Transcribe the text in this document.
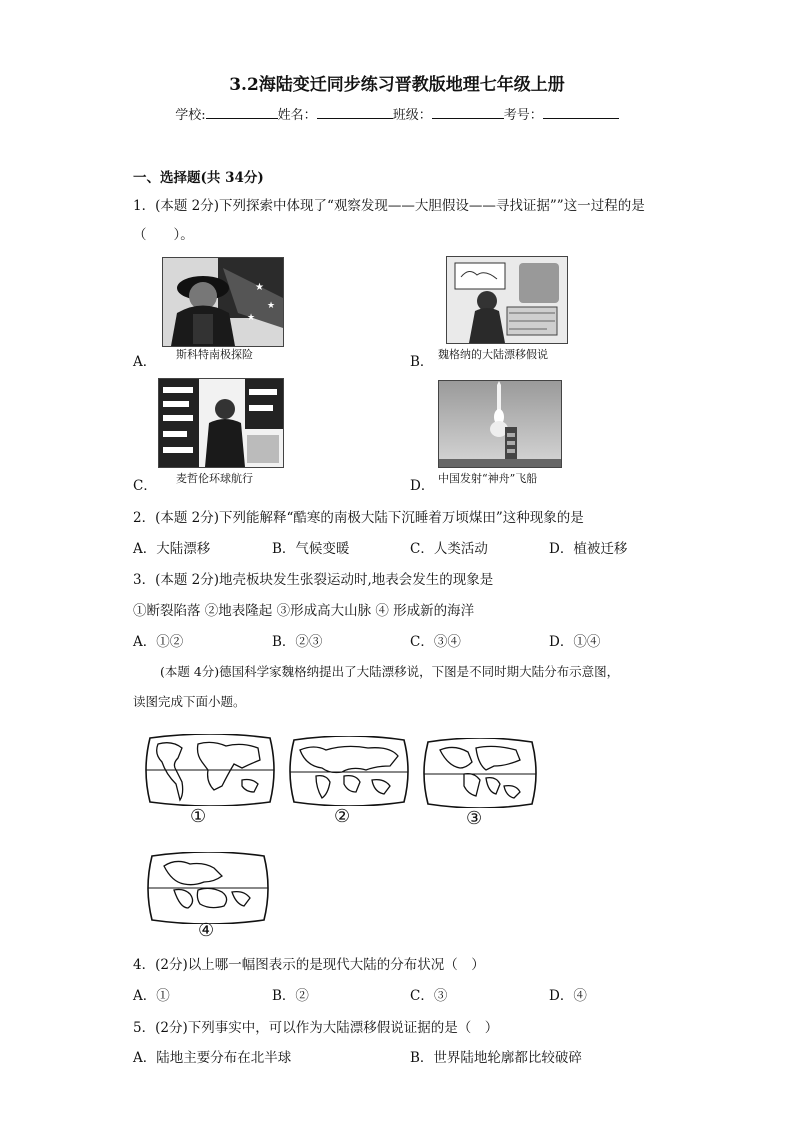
3.2海陆变迁同步练习晋教版地理七年级上册
学校:	姓名：	班级：	考号：
一、选择题(共 34分)
1．(本题 2分)下列探索中体现了“观察发现——大胆假设——寻找证据””这一过程的是
（　　）。
★
★
★
A． 斯科特南极探险	B． 魏格纳的大陆漂移假说
C． 麦哲伦环球航行	D． 中国发射“神舟”飞船
2．(本题 2分)下列能解释“酷寒的南极大陆下沉睡着万顷煤田”这种现象的是
A．大陆漂移	B．气候变暖	C．人类活动	D．植被迁移
3．(本题 2分)地壳板块发生张裂运动时,地表会发生的现象是
①断裂陷落 ②地表隆起 ③形成高大山脉 ④ 形成新的海洋
A．①②	B．②③	C．③④	D．①④
(本题 4分)德国科学家魏格纳提出了大陆漂移说，下图是不同时期大陆分布示意图，
读图完成下面小题。
①	②	③
④
4．(2分)以上哪一幅图表示的是现代大陆的分布状况（　）
A．①	B．②	C．③	D．④
5．(2分)下列事实中，可以作为大陆漂移假说证据的是（　）
A．陆地主要分布在北半球	B．世界陆地轮廓都比较破碎
